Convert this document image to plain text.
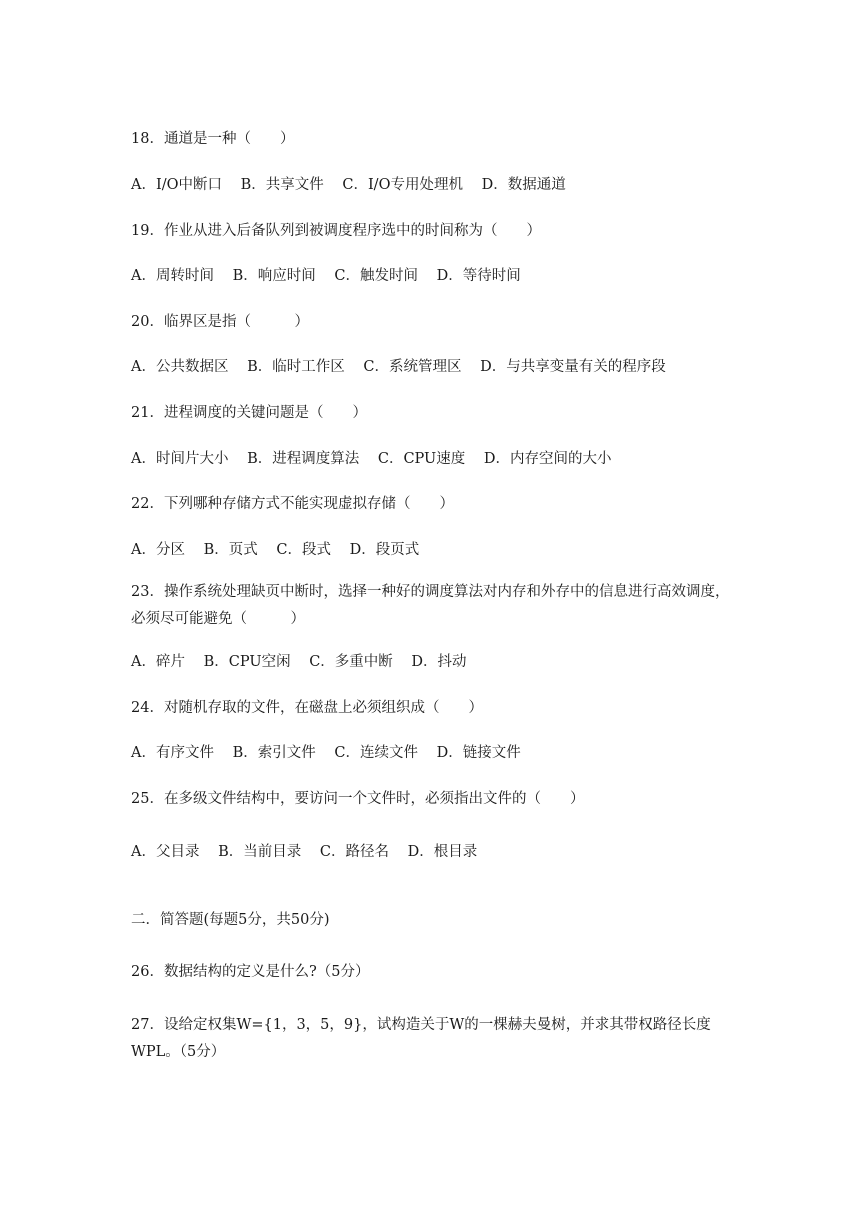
18．通道是一种（　　）
A．I/O中断口 B．共享文件 C．I/O专用处理机 D．数据通道
19．作业从进入后备队列到被调度程序选中的时间称为（　　）
A．周转时间 B．响应时间 C．触发时间 D．等待时间
20．临界区是指（　　　）
A．公共数据区 B．临时工作区 C．系统管理区 D．与共享变量有关的程序段
21．进程调度的关键问题是（　　）
A．时间片大小 B．进程调度算法 C．CPU速度 D．内存空间的大小
22．下列哪种存储方式不能实现虚拟存储（　　）
A．分区 B．页式 C．段式 D．段页式
23．操作系统处理缺页中断时，选择一种好的调度算法对内存和外存中的信息进行高效调度，必须尽可能避免（　　　）
A．碎片 B．CPU空闲 C．多重中断 D．抖动
24．对随机存取的文件，在磁盘上必须组织成（　　）
A．有序文件 B．索引文件 C．连续文件 D．链接文件
25．在多级文件结构中，要访问一个文件时，必须指出文件的（　　）
A．父目录 B．当前目录 C．路径名 D．根目录
二．简答题(每题5分，共50分)
26．数据结构的定义是什么?（5分）
27．设给定权集W={1，3，5，9}，试构造关于W的一棵赫夫曼树，并求其带权路径长度WPL。（5分）
